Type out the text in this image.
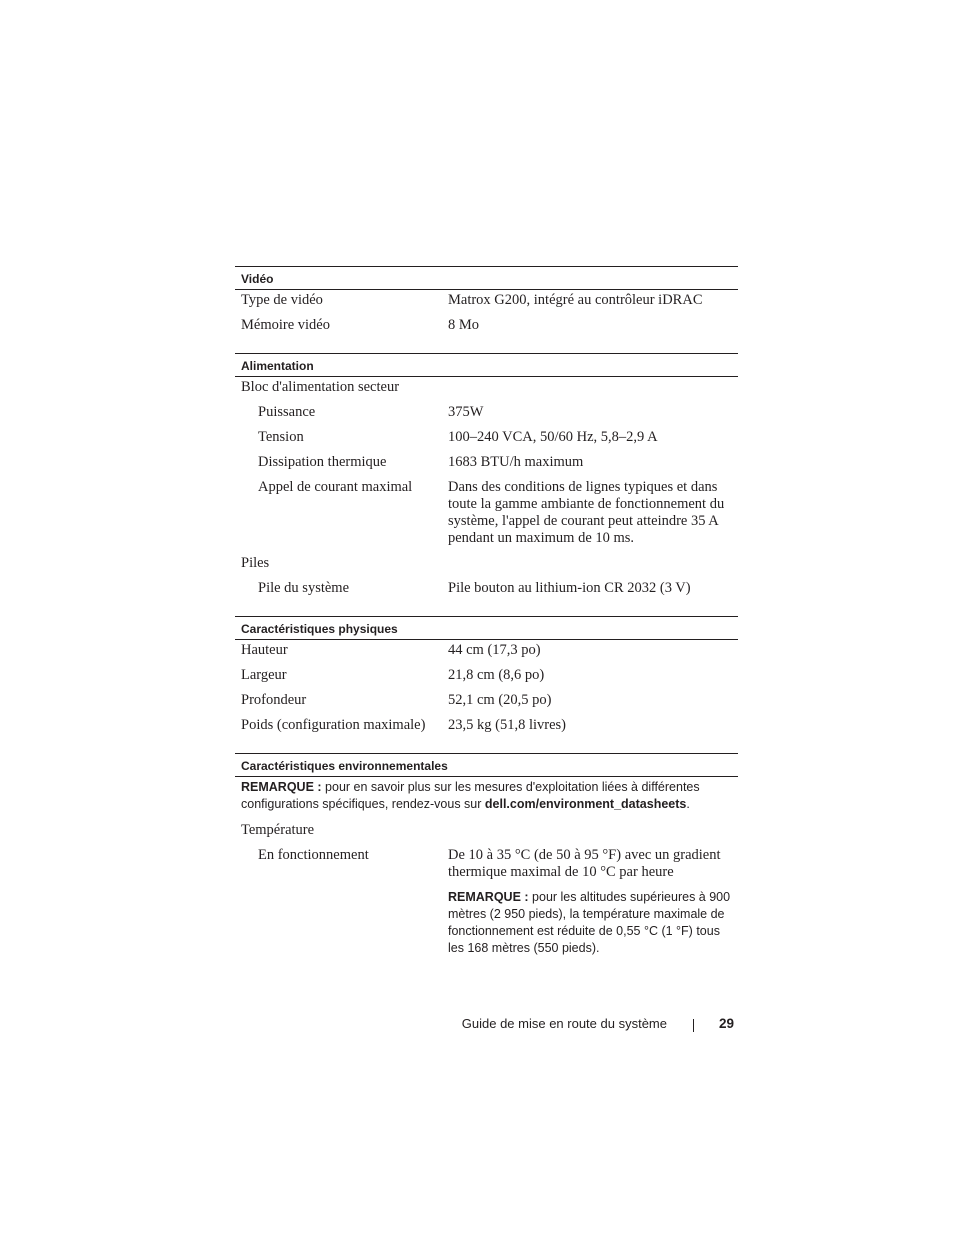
Vidéo
Type de vidéo	Matrox G200, intégré au contrôleur iDRAC
Mémoire vidéo	8 Mo
Alimentation
Bloc d'alimentation secteur
Puissance	375W
Tension	100–240 VCA, 50/60 Hz, 5,8–2,9 A
Dissipation thermique	1683 BTU/h maximum
Appel de courant maximal	Dans des conditions de lignes typiques et dans toute la gamme ambiante de fonctionnement du système, l'appel de courant peut atteindre 35 A pendant un maximum de 10 ms.
Piles
Pile du système	Pile bouton au lithium-ion CR 2032 (3 V)
Caractéristiques physiques
Hauteur	44 cm (17,3 po)
Largeur	21,8 cm (8,6 po)
Profondeur	52,1 cm (20,5 po)
Poids (configuration maximale)	23,5 kg (51,8 livres)
Caractéristiques environnementales
REMARQUE : pour en savoir plus sur les mesures d'exploitation liées à différentes configurations spécifiques, rendez-vous sur dell.com/environment_datasheets.
Température
En fonctionnement	De 10 à 35 °C (de 50 à 95 °F) avec un gradient thermique maximal de 10 °C par heure
REMARQUE : pour les altitudes supérieures à 900 mètres (2 950 pieds), la température maximale de fonctionnement est réduite de 0,55 °C (1 °F) tous les 168 mètres (550 pieds).
Guide de mise en route du système	29
